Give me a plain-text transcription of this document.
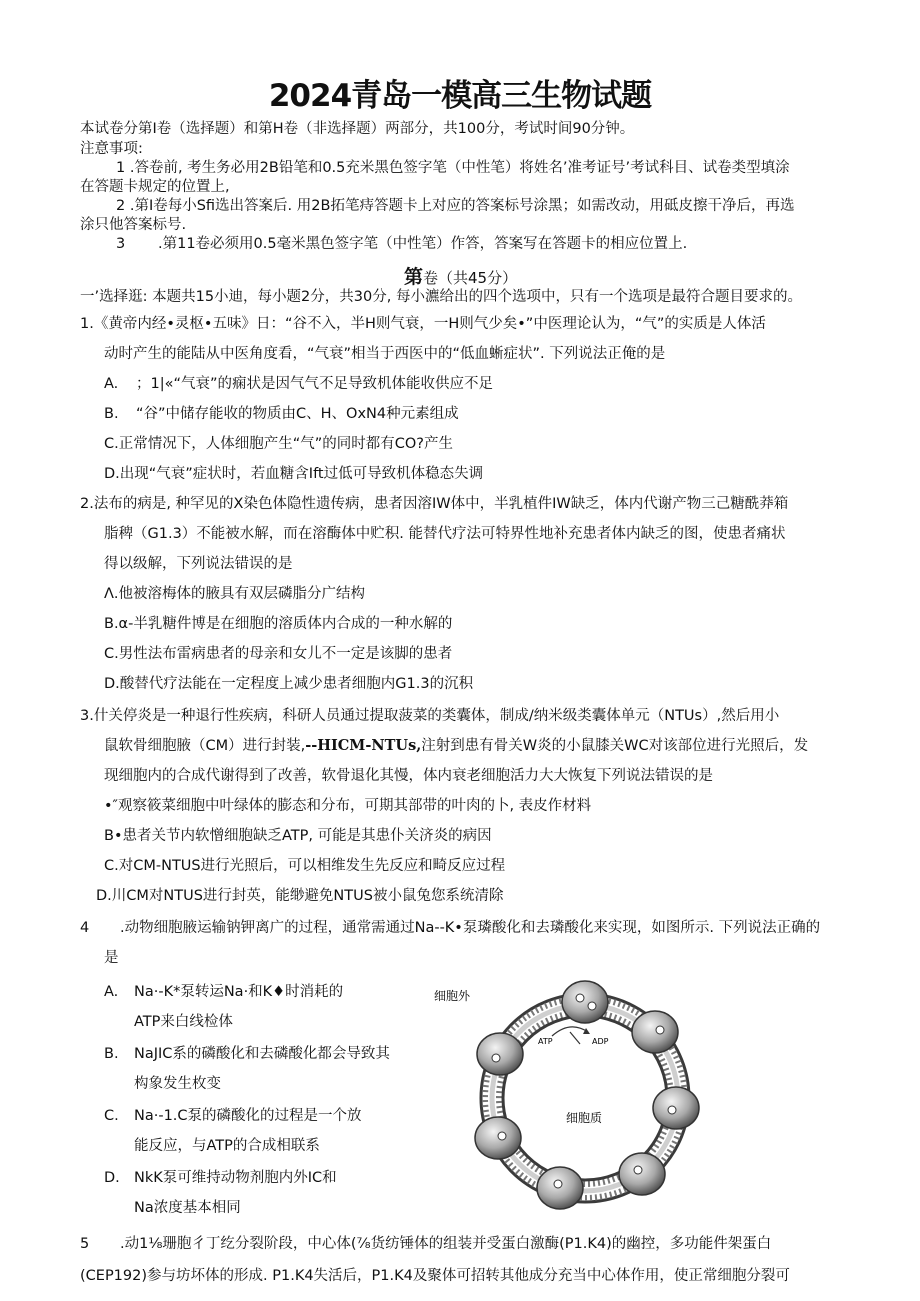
2024青岛一模高三生物试题
本试卷分第I卷（选择题）和第H卷（非选择题）两部分，共100分，考试时间90分钟。
注意事项:
1 .答卷前, 考生务必用2B铅笔和0.5充米黑色签字笔（中性笔）将姓名’准考证号’考试科目、试卷类型填涂
在答题卡规定的位置上,
2 .第I卷每小Sfi选出答案后. 用2B拓笔痔答题卡上对应的答案标号涂黑；如需改动，用砥皮擦干净后，再选
涂只他答案标号.
3 .第11卷必须用0.5毫米黑色签字笔（中性笔）作答，答案写在答题卡的相应位置上.
第卷（共45分）
一’选择逛: 本题共15小迪，每小题2分，共30分, 每小瀌给出的四个选项中，只有一个选项是最符合题目要求的。
1.《黄帝内经•灵枢•五味》日：“谷不入，半H则气衰，一H则气少矣•”中医理论认为，“气”的实质是人体活
动时产生的能陆从中医角度看，“气衰”相当于西医中的“低血蜥症状”. 下列说法正俺的是
A. ；1|«“气衰”的痫状是因气气不足导致机体能收供应不足
B. “谷”中储存能收的物质由C、H、OxN4种元素组成
C.正常情况下，人体细胞产生“气”的同时都有CO?产生
D.出现“气衰”症状时，若血糖含Ift过低可导致机体稳态失调
2.法布的病是, 种罕见的X染色体隐性遗传病，患者因溶IW体中，半乳植件IW缺乏，体内代谢产物三己糖酰莽箱
脂稗（G1.3）不能被水解，而在溶酶体中贮积. 能替代疗法可特界性地补充患者体内缺乏的图，使患者痛状
得以级解，下列说法错误的是
Λ.他被溶梅体的腋具有双层磷脂分广结构
B.α-半乳糖件博是在细胞的溶质体内合成的一种水解的
C.男性法布雷病患者的母亲和女儿不一定是该脚的患者
D.酸替代疗法能在一定程度上减少患者细胞内G1.3的沉积
3.什关停炎是一种退行性疾病，科研人员通过提取菠菜的类囊体，制成/纳米级类囊体单元（NTUs）,然后用小
鼠软骨细胞腋（CM）进行封装,--HICM-NTUs,注射到患有骨关W炎的小鼠膝关WC对该部位进行光照后，发
现细胞内的合成代谢得到了改善，软骨退化其慢，体内衰老细胞活力大大恢复下列说法错误的是
•″观察筱菜细胞中叶绿体的膨态和分布，可期其部带的叶肉的卜, 表皮作材料
B•患者关节内软憎细胞缺乏ATP, 可能是其患仆关济炎的病因
C.对CM-NTUS进行光照后，可以相维发生先反应和畸反应过程
D.川CM对NTUS进行封英，能缈避免NTUS被小鼠兔您系统清除
4 .动物细胞腋运输钠钾离广的过程，通常需通过Na--K•泵璘酸化和去璘酸化来实现，如图所示. 下列说法正确的
是
A. Na·-K*泵转运Na·和K♦时消耗的
ATP来白线检体
B. NaJIC系的磷酸化和去磷酸化都会导致其
构象发生枚变
C. Na·-1.C泵的磷酸化的过程是一个放
能反应，与ATP的合成相联系
D. NkK泵可维持动物剂胞内外IC和
Na浓度基本相同
ATP	ADP
细胞外
细胞质
5 .动1⅛珊胞彳丁纥分裂阶段，中心体(⅞货纺锤体的组装并受蛋白激酶(P1.K4)的幽控，多功能件架蛋白
(CEP192)参与坊坏体的形成. P1.K4失活后，P1.K4及聚体可招转其他成分充当中心体作用，使正常细胞分裂可
